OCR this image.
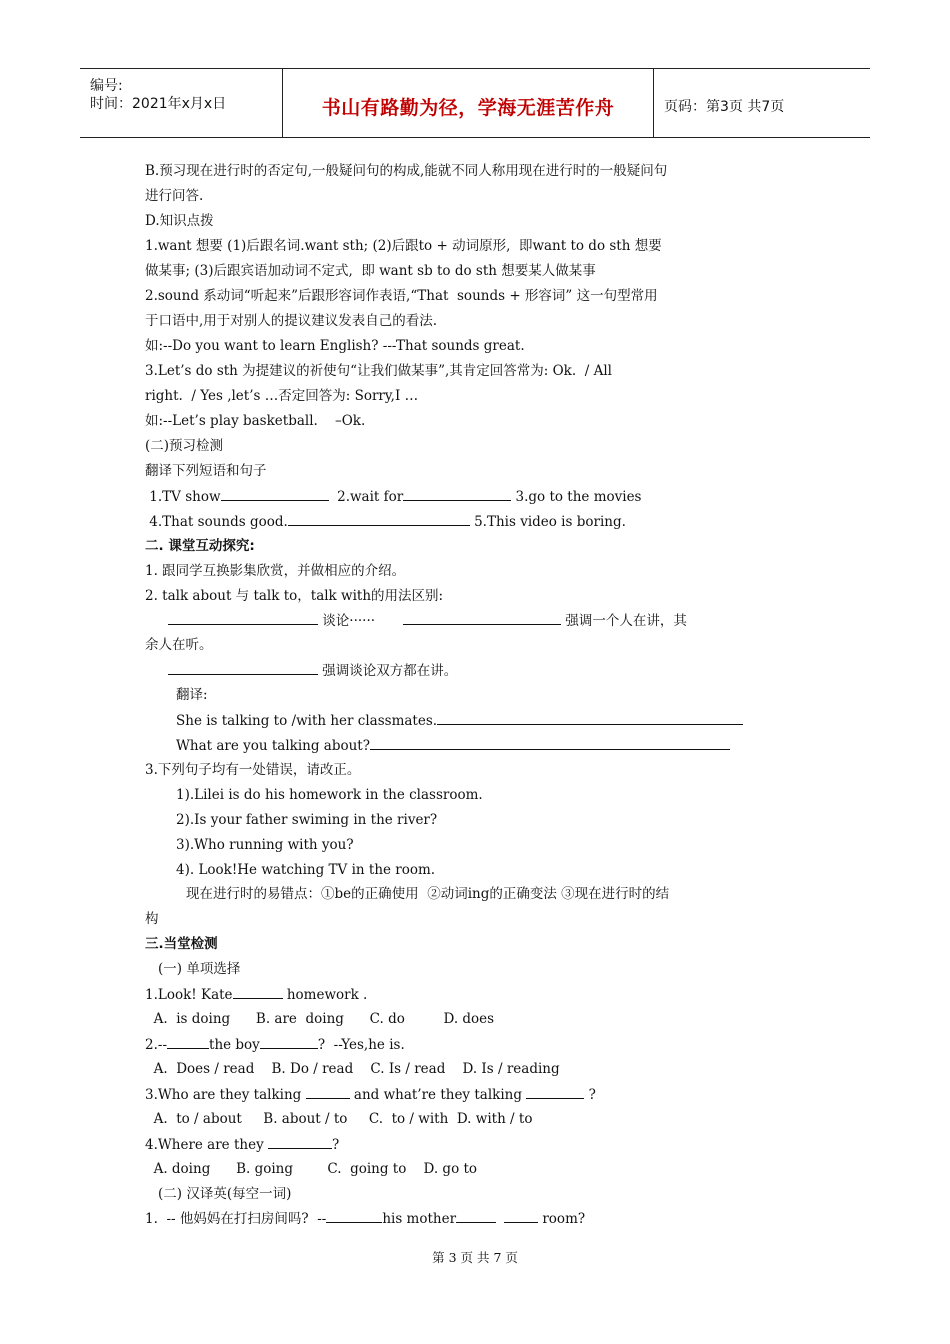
编号:
时间：2021年x月x日	书山有路勤为径，学海无涯苦作舟	页码：第3页 共7页
B.预习现在进行时的否定句,一般疑问句的构成,能就不同人称用现在进行时的一般疑问句
进行问答.
D.知识点拨
1.want 想要 (1)后跟名词.want sth; (2)后跟to + 动词原形,  即want to do sth 想要
做某事; (3)后跟宾语加动词不定式,  即 want sb to do sth 想要某人做某事
2.sound 系动词“听起来”后跟形容词作表语,“That  sounds + 形容词” 这一句型常用
于口语中,用于对别人的提议建议发表自己的看法.
如:--Do you want to learn English? ---That sounds great.
3.Let’s do sth 为提建议的祈使句“让我们做某事”,其肯定回答常为: Ok.  / All
right.  / Yes ,let’s …否定回答为: Sorry,I …
如:--Let’s play basketball.    –Ok.
(二)预习检测
翻译下列短语和句子
1.TV show	2.wait for	3.go to the movies
4.That sounds good.	5.This video is boring.
二. 课堂互动探究:
1. 跟同学互换影集欣赏，并做相应的介绍。
2. talk about 与 talk to，talk with的用法区别:
谈论······	强调一个人在讲，其
余人在听。
强调谈论双方都在讲。
翻译:
She is talking to /with her classmates.
What are you talking about?
3.下列句子均有一处错误，请改正。
1).Lilei is do his homework in the classroom.
2).Is your father swiming in the river?
3).Who running with you?
4). Look!He watching TV in the room.
现在进行时的易错点：①be的正确使用  ②动词ing的正确变法 ③现在进行时的结
构
三.当堂检测
(一) 单项选择
1.Look! Kate	homework .
A.  is doing      B. are  doing      C. do         D. does
2.--	the boy	?  --Yes,he is.
A.  Does / read    B. Do / read    C. Is / read    D. Is / reading
3.Who are they talking	and what’re they talking	?
A.  to / about     B. about / to     C.  to / with  D. with / to
4.Where are they	?
A. doing      B. going        C.  going to    D. go to
(二) 汉译英(每空一词)
1.  -- 他妈妈在打扫房间吗?  --	his mother	room?
第 3 页 共 7 页
